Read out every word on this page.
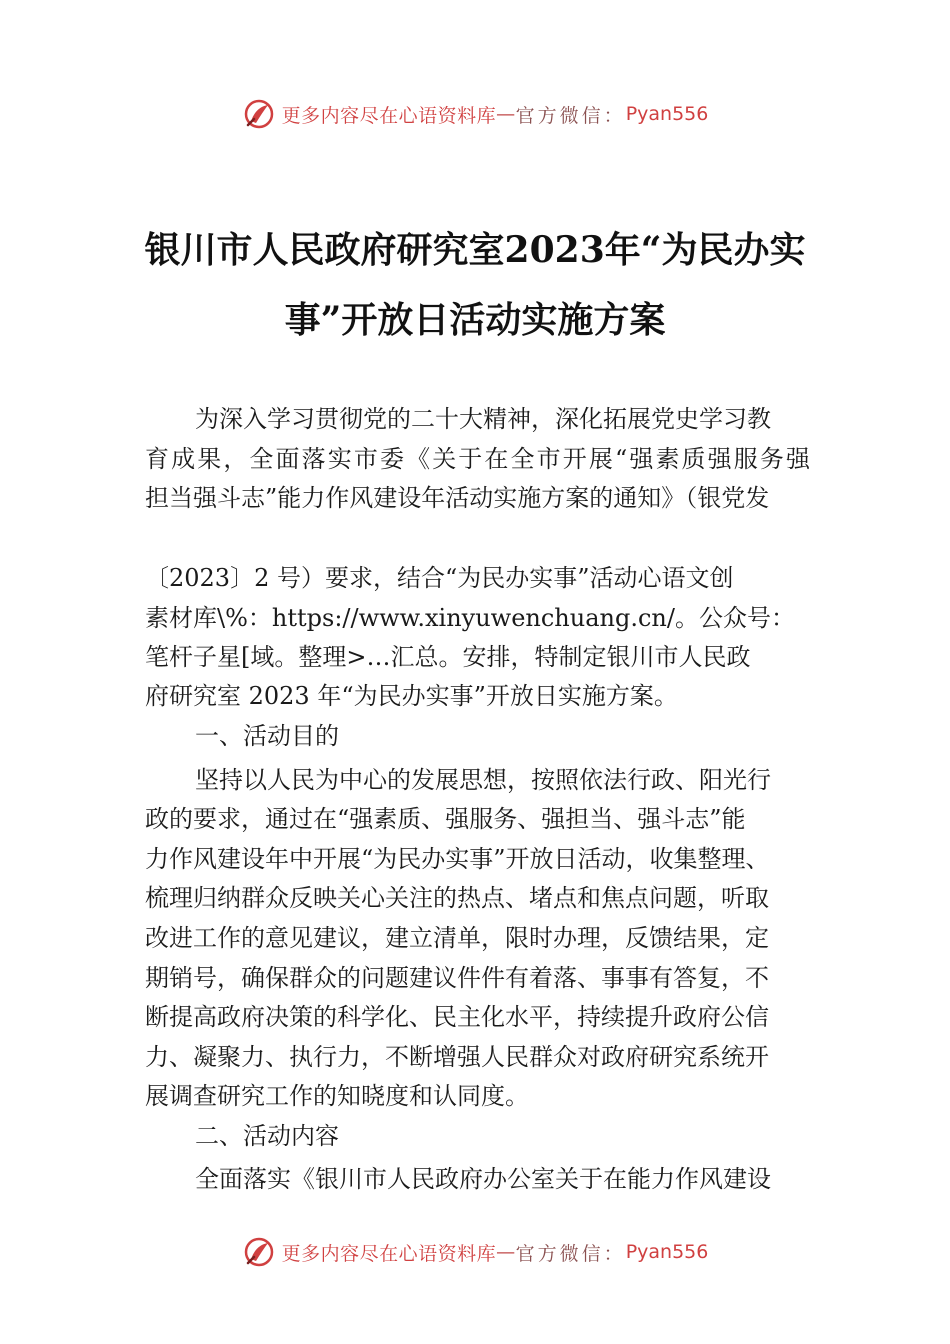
更多内容尽在心语资料库 — 官方微信： Pyan556
银川市人民政府研究室2023年“为民办实
事”开放日活动实施方案

为深入学习贯彻党的二十大精神，深化拓展党史学习教

育成果，全面落实市委《关于在全市开展“强素质强服务强

担当强斗志”能力作风建设年活动实施方案的通知》（银党发

〔2023〕2 号）要求，结合“为民办实事”活动心语文创

素材库\%：https://www.xinyuwenchuang.cn/。公众号：

笔杆子星[域。整理>…汇总。安排，特制定银川市人民政

府研究室 2023 年“为民办实事”开放日实施方案。

一、活动目的

坚持以人民为中心的发展思想，按照依法行政、阳光行

政的要求，通过在“强素质、强服务、强担当、强斗志”能

力作风建设年中开展“为民办实事”开放日活动，收集整理、

梳理归纳群众反映关心关注的热点、堵点和焦点问题，听取

改进工作的意见建议，建立清单，限时办理，反馈结果，定

期销号，确保群众的问题建议件件有着落、事事有答复，不

断提高政府决策的科学化、民主化水平，持续提升政府公信

力、凝聚力、执行力，不断增强人民群众对政府研究系统开

展调查研究工作的知晓度和认同度。

二、活动内容

全面落实《银川市人民政府办公室关于在能力作风建设

更多内容尽在心语资料库 — 官方微信： Pyan556
